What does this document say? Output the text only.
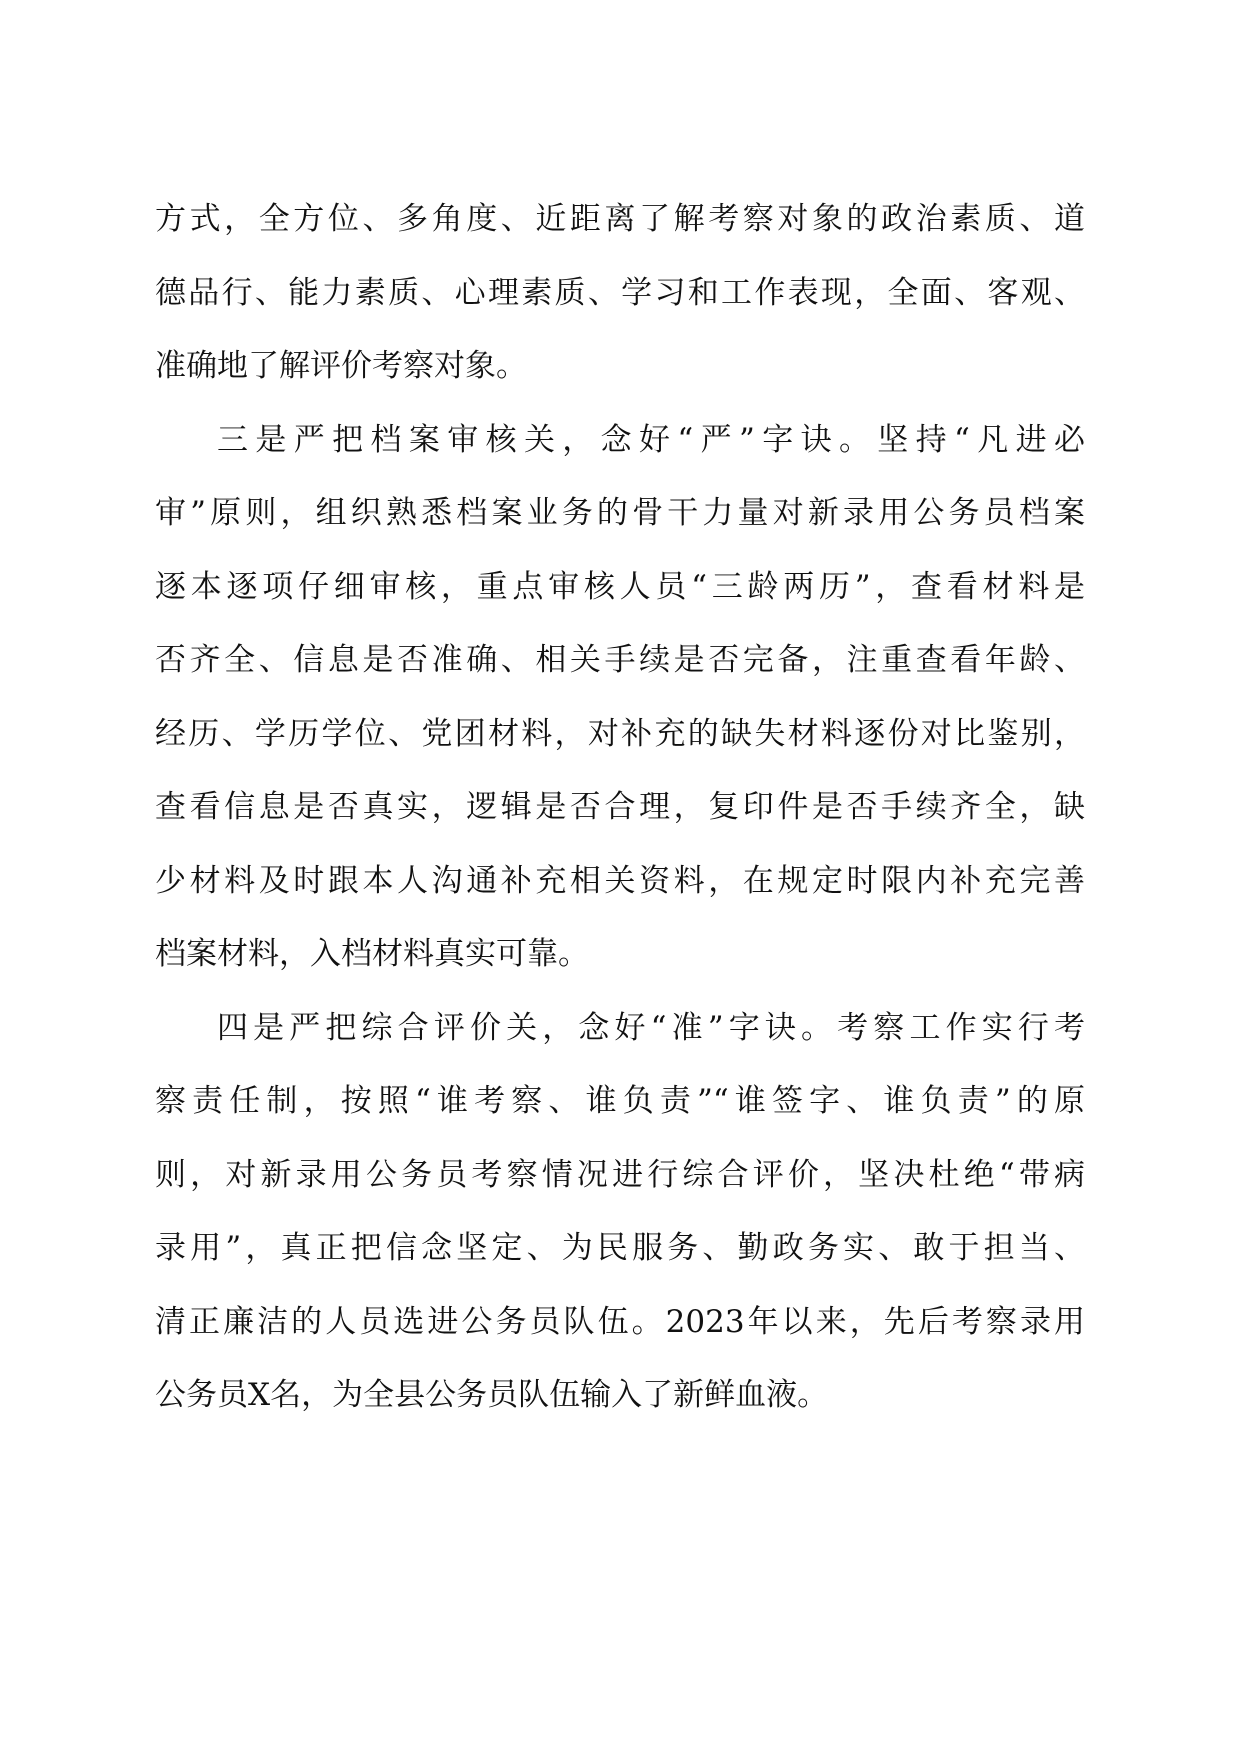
方式，全方位、多角度、近距离了解考察对象的政治素质、道
德品行、能力素质、心理素质、学习和工作表现，全面、客观、
准确地了解评价考察对象。
三是严把档案审核关，念好“严”字诀。坚持“凡进必
审”原则，组织熟悉档案业务的骨干力量对新录用公务员档案
逐本逐项仔细审核，重点审核人员“三龄两历”，查看材料是
否齐全、信息是否准确、相关手续是否完备，注重查看年龄、
经历、学历学位、党团材料，对补充的缺失材料逐份对比鉴别，
查看信息是否真实，逻辑是否合理，复印件是否手续齐全，缺
少材料及时跟本人沟通补充相关资料，在规定时限内补充完善
档案材料，入档材料真实可靠。
四是严把综合评价关，念好“准”字诀。考察工作实行考
察责任制，按照“谁考察、谁负责”“谁签字、谁负责”的原
则，对新录用公务员考察情况进行综合评价，坚决杜绝“带病
录用”，真正把信念坚定、为民服务、勤政务实、敢于担当、
清正廉洁的人员选进公务员队伍。2023年以来，先后考察录用
公务员X名，为全县公务员队伍输入了新鲜血液。
